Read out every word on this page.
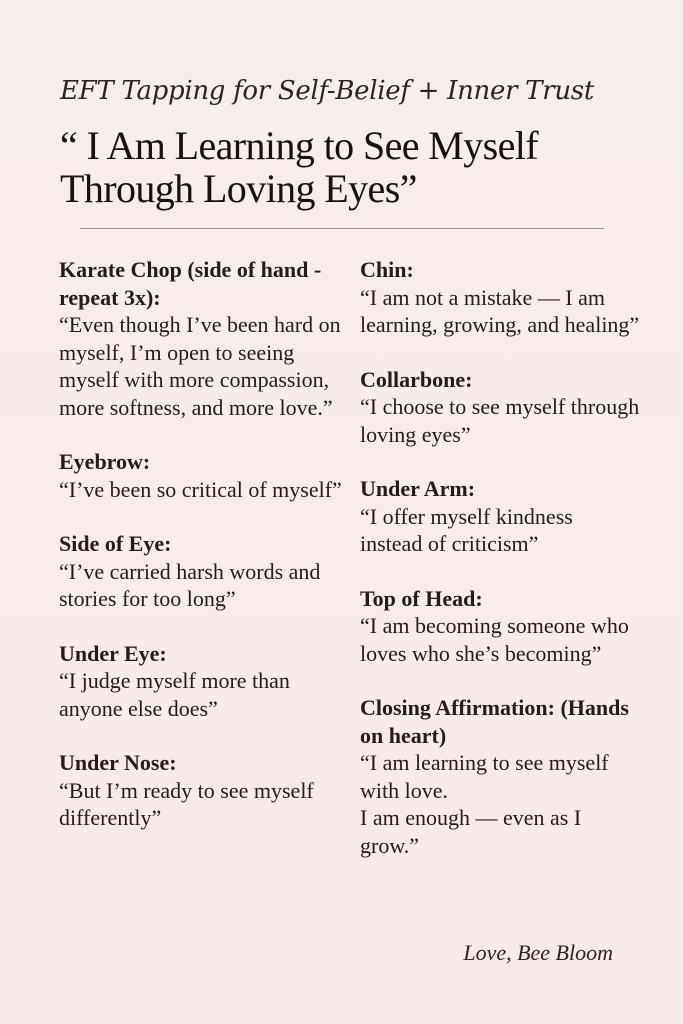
EFT Tapping for Self-Belief + Inner Trust
“ I Am Learning to See Myself Through Loving Eyes”
Karate Chop (side of hand - repeat 3x):
“Even though I’ve been hard on myself, I’m open to seeing myself with more compassion, more softness, and more love.”
Eyebrow:
“I’ve been so critical of myself”
Side of Eye:
“I’ve carried harsh words and stories for too long”
Under Eye:
“I judge myself more than anyone else does”
Under Nose:
“But I’m ready to see myself differently”
Chin:
“I am not a mistake — I am learning, growing, and healing”
Collarbone:
“I choose to see myself through loving eyes”
Under Arm:
“I offer myself kindness instead of criticism”
Top of Head:
“I am becoming someone who loves who she’s becoming”
Closing Affirmation: (Hands on heart)
“I am learning to see myself with love.
I am enough — even as I grow.”
Love, Bee Bloom
